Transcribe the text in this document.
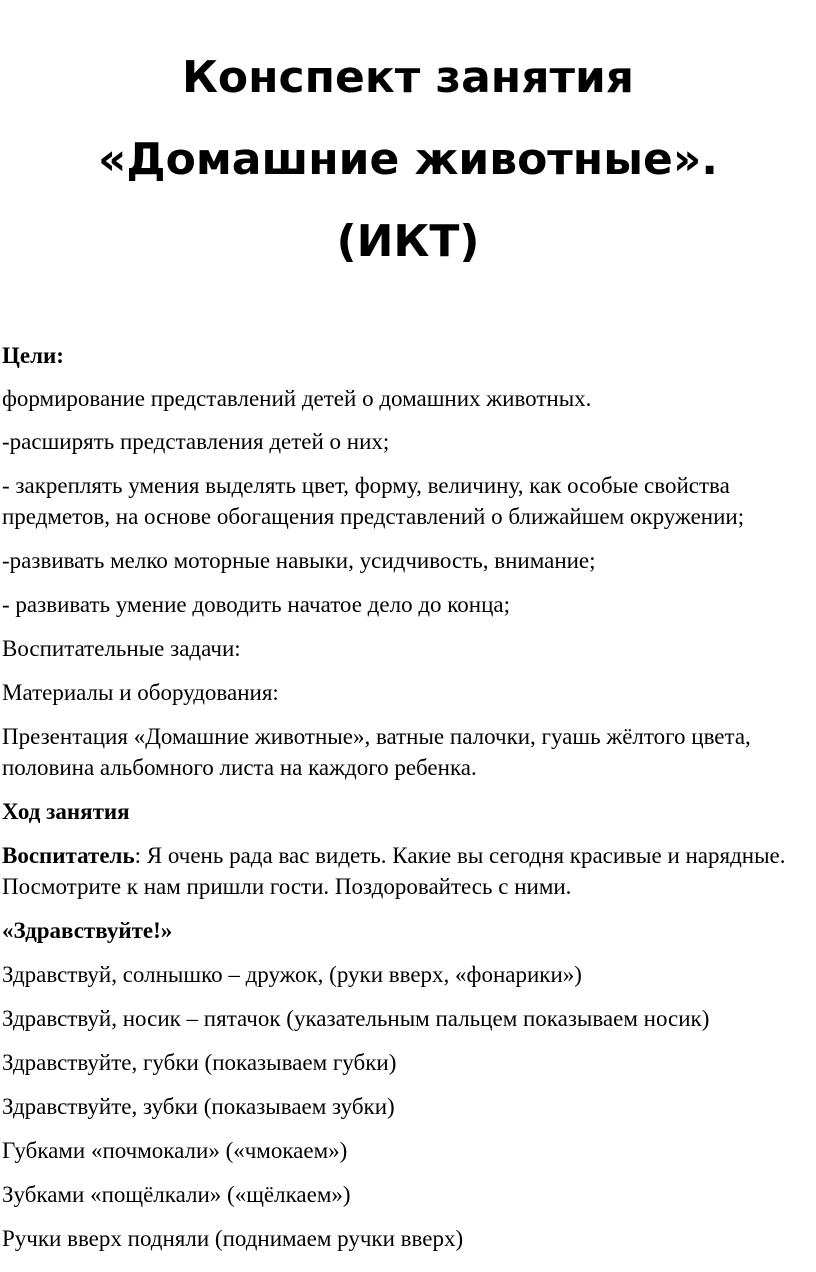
Конспект занятия
«Домашние животные».
(ИКТ)

Цели:

формирование представлений детей о домашних животных.

-расширять представления детей о них;

- закреплять умения выделять цвет, форму, величину, как особые свойства предметов, на основе обогащения представлений о ближайшем окружении;

-развивать мелко моторные навыки, усидчивость, внимание;

- развивать умение доводить начатое дело до конца;

Воспитательные задачи:

Материалы и оборудования:

Презентация «Домашние животные», ватные палочки, гуашь жёлтого цвета, половина альбомного листа на каждого ребенка.

Ход занятия

Воспитатель: Я очень рада вас видеть. Какие вы сегодня красивые и нарядные. Посмотрите к нам пришли гости. Поздоровайтесь с ними.

«Здравствуйте!»

Здравствуй, солнышко – дружок, (руки вверх, «фонарики»)

Здравствуй, носик – пятачок (указательным пальцем показываем носик)

Здравствуйте, губки (показываем губки)

Здравствуйте, зубки (показываем зубки)

Губками «почмокали» («чмокаем»)

Зубками «пощёлкали» («щёлкаем»)

Ручки вверх подняли (поднимаем ручки вверх)
